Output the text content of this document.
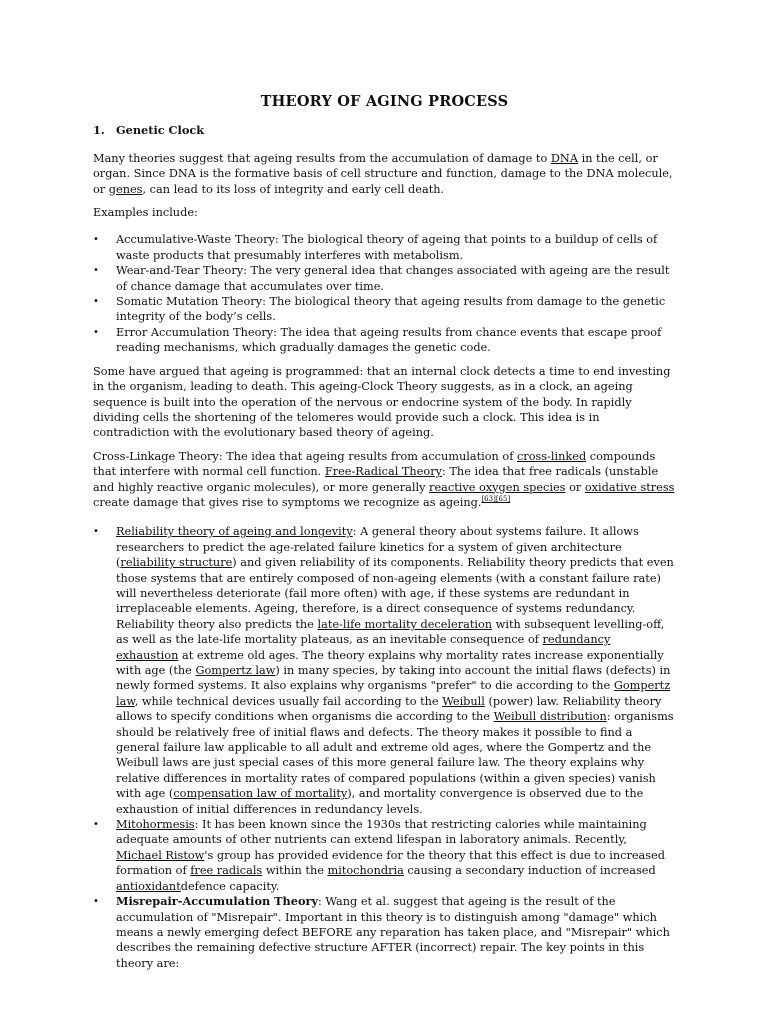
THEORY OF AGING PROCESS
1. Genetic Clock

Many theories suggest that ageing results from the accumulation of damage to DNA in the cell, or organ. Since DNA is the formative basis of cell structure and function, damage to the DNA molecule, or genes, can lead to its loss of integrity and early cell death.

Examples include:

• Accumulative-Waste Theory: The biological theory of ageing that points to a buildup of cells of waste products that presumably interferes with metabolism.
• Wear-and-Tear Theory: The very general idea that changes associated with ageing are the result of chance damage that accumulates over time.
• Somatic Mutation Theory: The biological theory that ageing results from damage to the genetic integrity of the body’s cells.
• Error Accumulation Theory: The idea that ageing results from chance events that escape proof reading mechanisms, which gradually damages the genetic code.

Some have argued that ageing is programmed: that an internal clock detects a time to end investing in the organism, leading to death. This ageing-Clock Theory suggests, as in a clock, an ageing sequence is built into the operation of the nervous or endocrine system of the body. In rapidly dividing cells the shortening of the telomeres would provide such a clock. This idea is in contradiction with the evolutionary based theory of ageing.

Cross-Linkage Theory: The idea that ageing results from accumulation of cross-linked compounds that interfere with normal cell function. Free-Radical Theory: The idea that free radicals (unstable and highly reactive organic molecules), or more generally reactive oxygen species or oxidative stress create damage that gives rise to symptoms we recognize as ageing.[63][65]

• Reliability theory of ageing and longevity: A general theory about systems failure. It allows researchers to predict the age-related failure kinetics for a system of given architecture (reliability structure) and given reliability of its components. Reliability theory predicts that even those systems that are entirely composed of non-ageing elements (with a constant failure rate) will nevertheless deteriorate (fail more often) with age, if these systems are redundant in irreplaceable elements. Ageing, therefore, is a direct consequence of systems redundancy. Reliability theory also predicts the late-life mortality deceleration with subsequent levelling-off, as well as the late-life mortality plateaus, as an inevitable consequence of redundancy exhaustion at extreme old ages. The theory explains why mortality rates increase exponentially with age (the Gompertz law) in many species, by taking into account the initial flaws (defects) in newly formed systems. It also explains why organisms "prefer" to die according to the Gompertz law, while technical devices usually fail according to the Weibull (power) law. Reliability theory allows to specify conditions when organisms die according to the Weibull distribution: organisms should be relatively free of initial flaws and defects. The theory makes it possible to find a general failure law applicable to all adult and extreme old ages, where the Gompertz and the Weibull laws are just special cases of this more general failure law. The theory explains why relative differences in mortality rates of compared populations (within a given species) vanish with age (compensation law of mortality), and mortality convergence is observed due to the exhaustion of initial differences in redundancy levels.
• Mitohormesis: It has been known since the 1930s that restricting calories while maintaining adequate amounts of other nutrients can extend lifespan in laboratory animals. Recently, Michael Ristow's group has provided evidence for the theory that this effect is due to increased formation of free radicals within the mitochondria causing a secondary induction of increased antioxidantdefence capacity.
• Misrepair-Accumulation Theory: Wang et al. suggest that ageing is the result of the accumulation of "Misrepair". Important in this theory is to distinguish among "damage" which means a newly emerging defect BEFORE any reparation has taken place, and "Misrepair" which describes the remaining defective structure AFTER (incorrect) repair. The key points in this theory are:
